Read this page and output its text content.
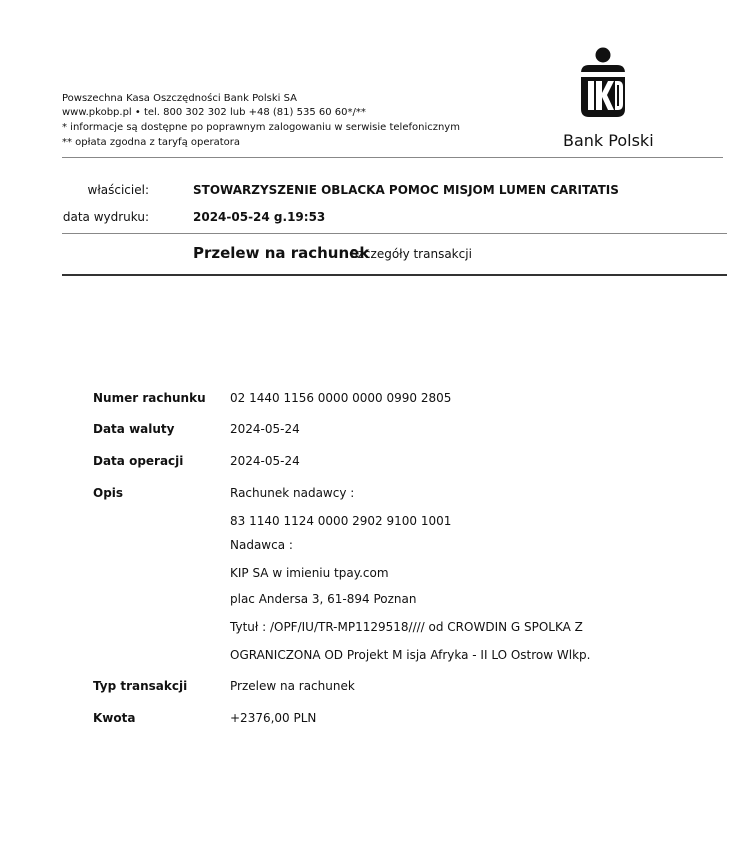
Powszechna Kasa Oszczędności Bank Polski SA
www.pkobp.pl • tel. 800 302 302 lub +48 (81) 535 60 60*/**
* informacje są dostępne po poprawnym zalogowaniu w serwisie telefonicznym
** opłata zgodna z taryfą operatora	Bank Polski
właściciel:	STOWARZYSZENIE OBLACKA POMOC MISJOM LUMEN CARITATIS
data wydruku:	2024-05-24 g.19:53
Przelew na rachunek
Szczegóły transakcji
Numer rachunku 02 1440 1156 0000 0000 0990 2805
Data waluty	2024-05-24
Data operacji	2024-05-24
Opis	Rachunek nadawcy :
83 1140 1124 0000 2902 9100 1001
Nadawca :
KIP SA w imieniu tpay.com
plac Andersa 3, 61-894 Poznan
Tytuł : /OPF/IU/TR-MP1129518//// od CROWDIN G SPOLKA Z
OGRANICZONA OD Projekt M isja Afryka - II LO Ostrow Wlkp.
Typ transakcji	Przelew na rachunek
Kwota	+2376,00 PLN
